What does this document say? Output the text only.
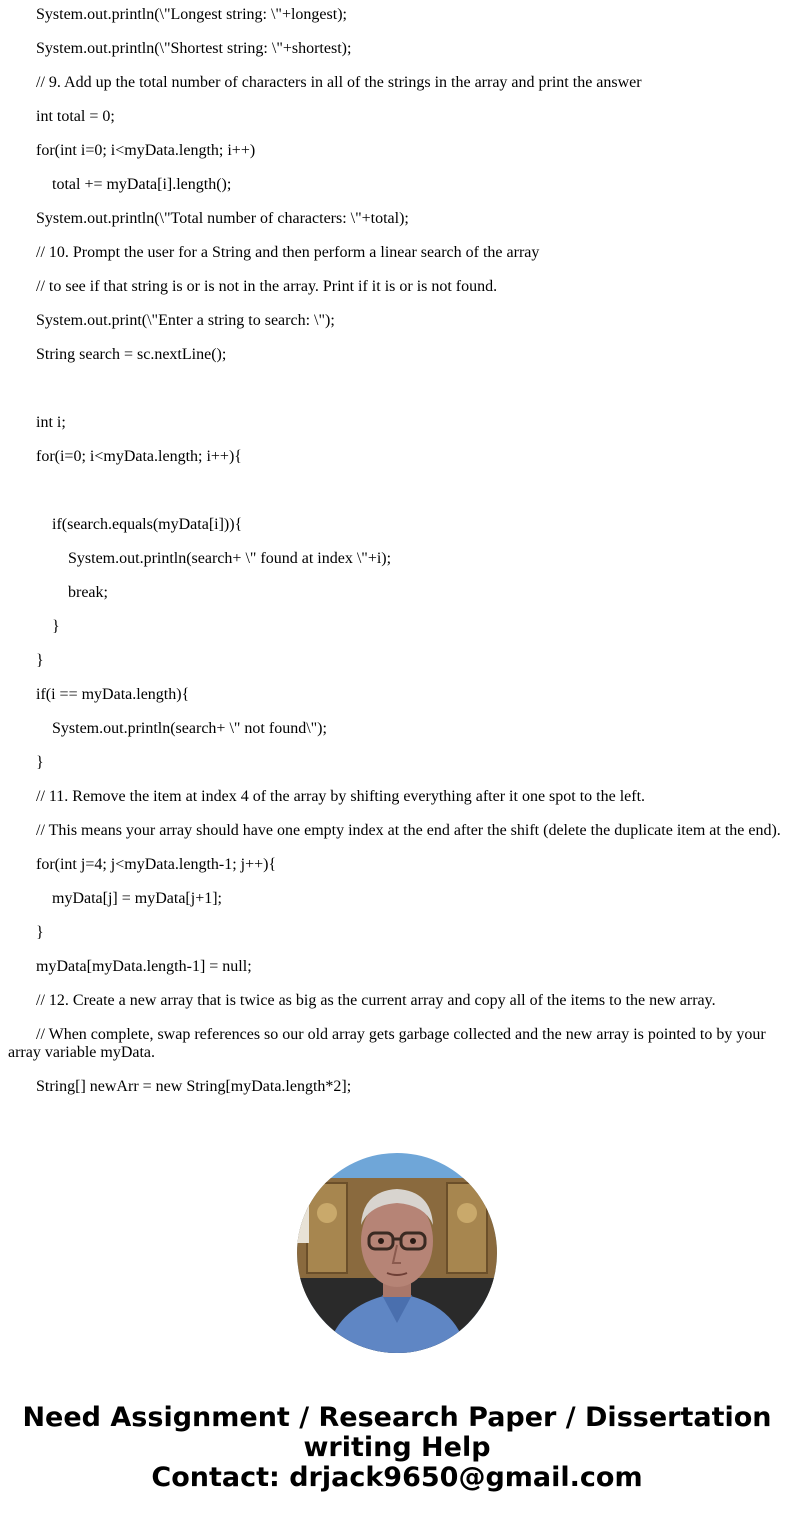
System.out.println(\"Longest string: \"+longest);
System.out.println(\"Shortest string: \"+shortest);
// 9. Add up the total number of characters in all of the strings in the array and print the answer
int total = 0;
for(int i=0; i<myData.length; i++)
total += myData[i].length();
System.out.println(\"Total number of characters: \"+total);
// 10. Prompt the user for a String and then perform a linear search of the array
// to see if that string is or is not in the array. Print if it is or is not found.
System.out.print(\"Enter a string to search: \");
String search = sc.nextLine();
int i;
for(i=0; i<myData.length; i++){
if(search.equals(myData[i])){
System.out.println(search+ \" found at index \"+i);
break;
}
}
if(i == myData.length){
System.out.println(search+ \" not found\");
}
// 11. Remove the item at index 4 of the array by shifting everything after it one spot to the left.
// This means your array should have one empty index at the end after the shift (delete the duplicate item at the end).
for(int j=4; j<myData.length-1; j++){
myData[j] = myData[j+1];
}
myData[myData.length-1] = null;
// 12. Create a new array that is twice as big as the current array and copy all of the items to the new array.
// When complete, swap references so our old array gets garbage collected and the new array is pointed to by your array variable myData.
String[] newArr = new String[myData.length*2];
Need Assignment / Research Paper / Dissertation
writing Help
Contact: drjack9650@gmail.com
